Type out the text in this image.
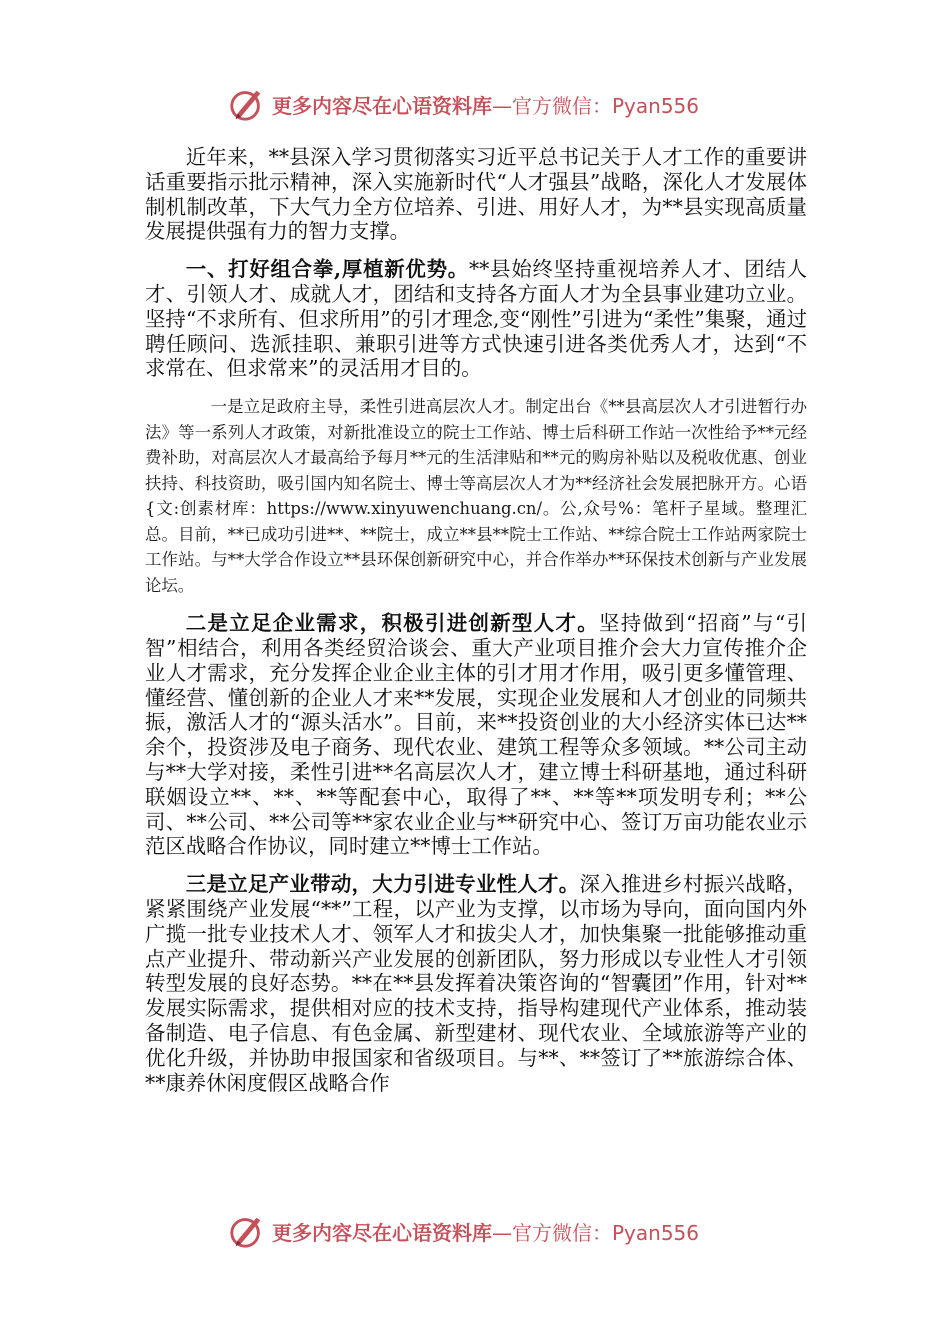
更多内容尽在心语资料库—官方微信：Pyan556

近年来，**县深入学习贯彻落实习近平总书记关于人才工作的重要讲话重要指示批示精神，深入实施新时代“人才强县”战略，深化人才发展体制机制改革，下大气力全方位培养、引进、用好人才，为**县实现高质量发展提供强有力的智力支撑。

一、打好组合拳,厚植新优势。**县始终坚持重视培养人才、团结人才、引领人才、成就人才，团结和支持各方面人才为全县事业建功立业。坚持“不求所有、但求所用”的引才理念,变“刚性”引进为“柔性”集聚，通过聘任顾问、选派挂职、兼职引进等方式快速引进各类优秀人才，达到“不求常在、但求常来”的灵活用才目的。

一是立足政府主导，柔性引进高层次人才。制定出台《**县高层次人才引进暂行办法》等一系列人才政策，对新批准设立的院士工作站、博士后科研工作站一次性给予**元经费补助，对高层次人才最高给予每月**元的生活津贴和**元的购房补贴以及税收优惠、创业扶持、科技资助，吸引国内知名院士、博士等高层次人才为**经济社会发展把脉开方。心语{文:创素材库：https://www.xinyuwenchuang.cn/。公,众号%：笔杆子星域。整理汇总。目前，**已成功引进**、**院士，成立**县**院士工作站、**综合院士工作站两家院士工作站。与**大学合作设立**县环保创新研究中心，并合作举办**环保技术创新与产业发展论坛。

二是立足企业需求，积极引进创新型人才。坚持做到“招商”与“引智”相结合，利用各类经贸洽谈会、重大产业项目推介会大力宣传推介企业人才需求，充分发挥企业企业主体的引才用才作用，吸引更多懂管理、懂经营、懂创新的企业人才来**发展，实现企业发展和人才创业的同频共振，激活人才的“源头活水”。目前，来**投资创业的大小经济实体已达**余个，投资涉及电子商务、现代农业、建筑工程等众多领域。**公司主动与**大学对接，柔性引进**名高层次人才，建立博士科研基地，通过科研联姻设立**、**、**等配套中心，取得了**、**等**项发明专利；**公司、**公司、**公司等**家农业企业与**研究中心、签订万亩功能农业示范区战略合作协议，同时建立**博士工作站。

三是立足产业带动，大力引进专业性人才。深入推进乡村振兴战略，紧紧围绕产业发展“**”工程，以产业为支撑，以市场为导向，面向国内外广揽一批专业技术人才、领军人才和拔尖人才，加快集聚一批能够推动重点产业提升、带动新兴产业发展的创新团队，努力形成以专业性人才引领转型发展的良好态势。**在**县发挥着决策咨询的“智囊团”作用，针对**发展实际需求，提供相对应的技术支持，指导构建现代产业体系，推动装备制造、电子信息、有色金属、新型建材、现代农业、全域旅游等产业的优化升级，并协助申报国家和省级项目。与**、**签订了**旅游综合体、**康养休闲度假区战略合作

更多内容尽在心语资料库—官方微信：Pyan556
